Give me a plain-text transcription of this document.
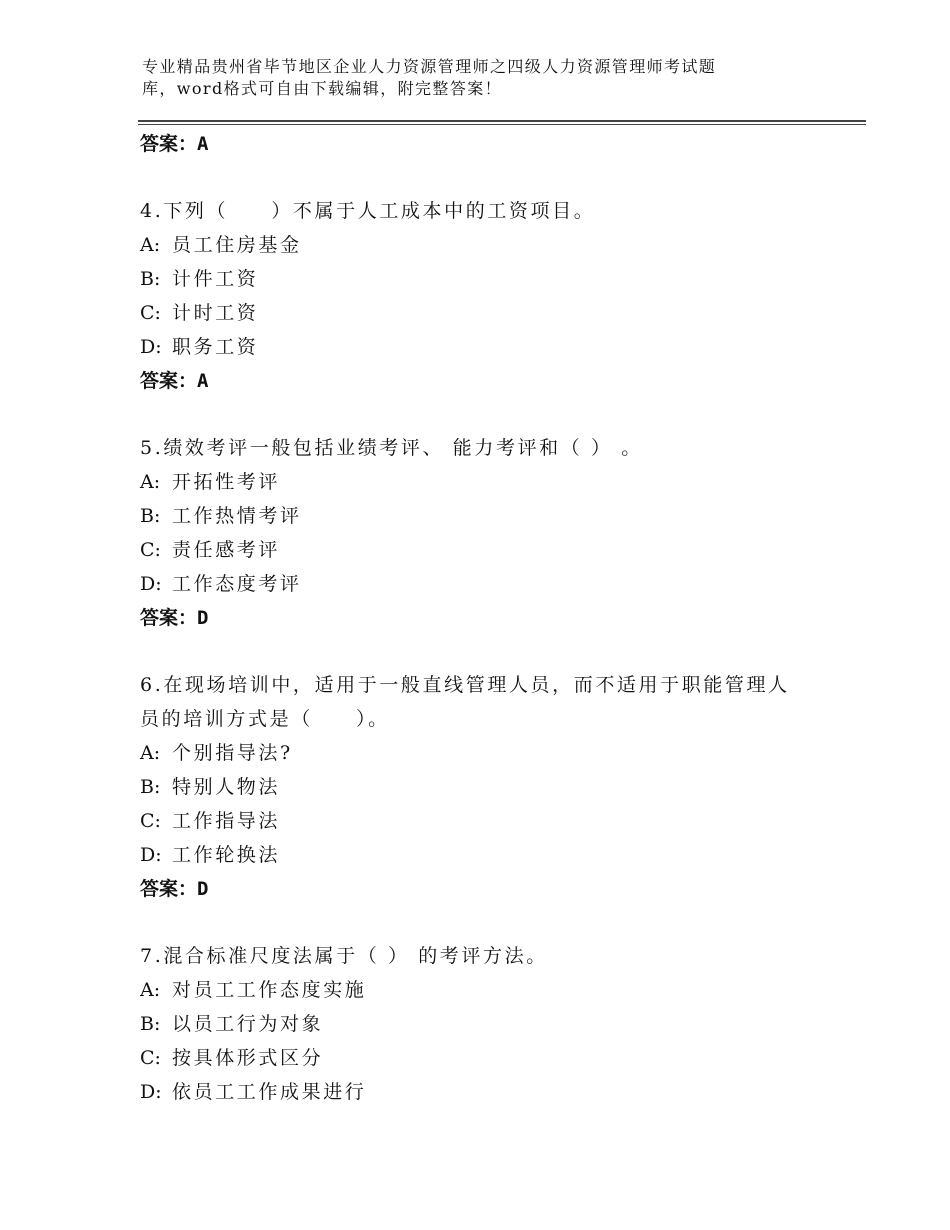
专业精品贵州省毕节地区企业人力资源管理师之四级人力资源管理师考试题
库，word格式可自由下载编辑，附完整答案！

答案：A

4.下列（　　）不属于人工成本中的工资项目。

A: 员工住房基金

B: 计件工资

C: 计时工资

D: 职务工资

答案：A

5.绩效考评一般包括业绩考评、 能力考评和（ ） 。

A: 开拓性考评

B: 工作热情考评

C: 责任感考评

D: 工作态度考评

答案：D

6.在现场培训中，适用于一般直线管理人员，而不适用于职能管理人
员的培训方式是（　　）。

A: 个别指导法?

B: 特别人物法

C: 工作指导法

D: 工作轮换法

答案：D

7.混合标准尺度法属于（ ） 的考评方法。

A: 对员工工作态度实施

B: 以员工行为对象

C: 按具体形式区分

D: 依员工工作成果进行
